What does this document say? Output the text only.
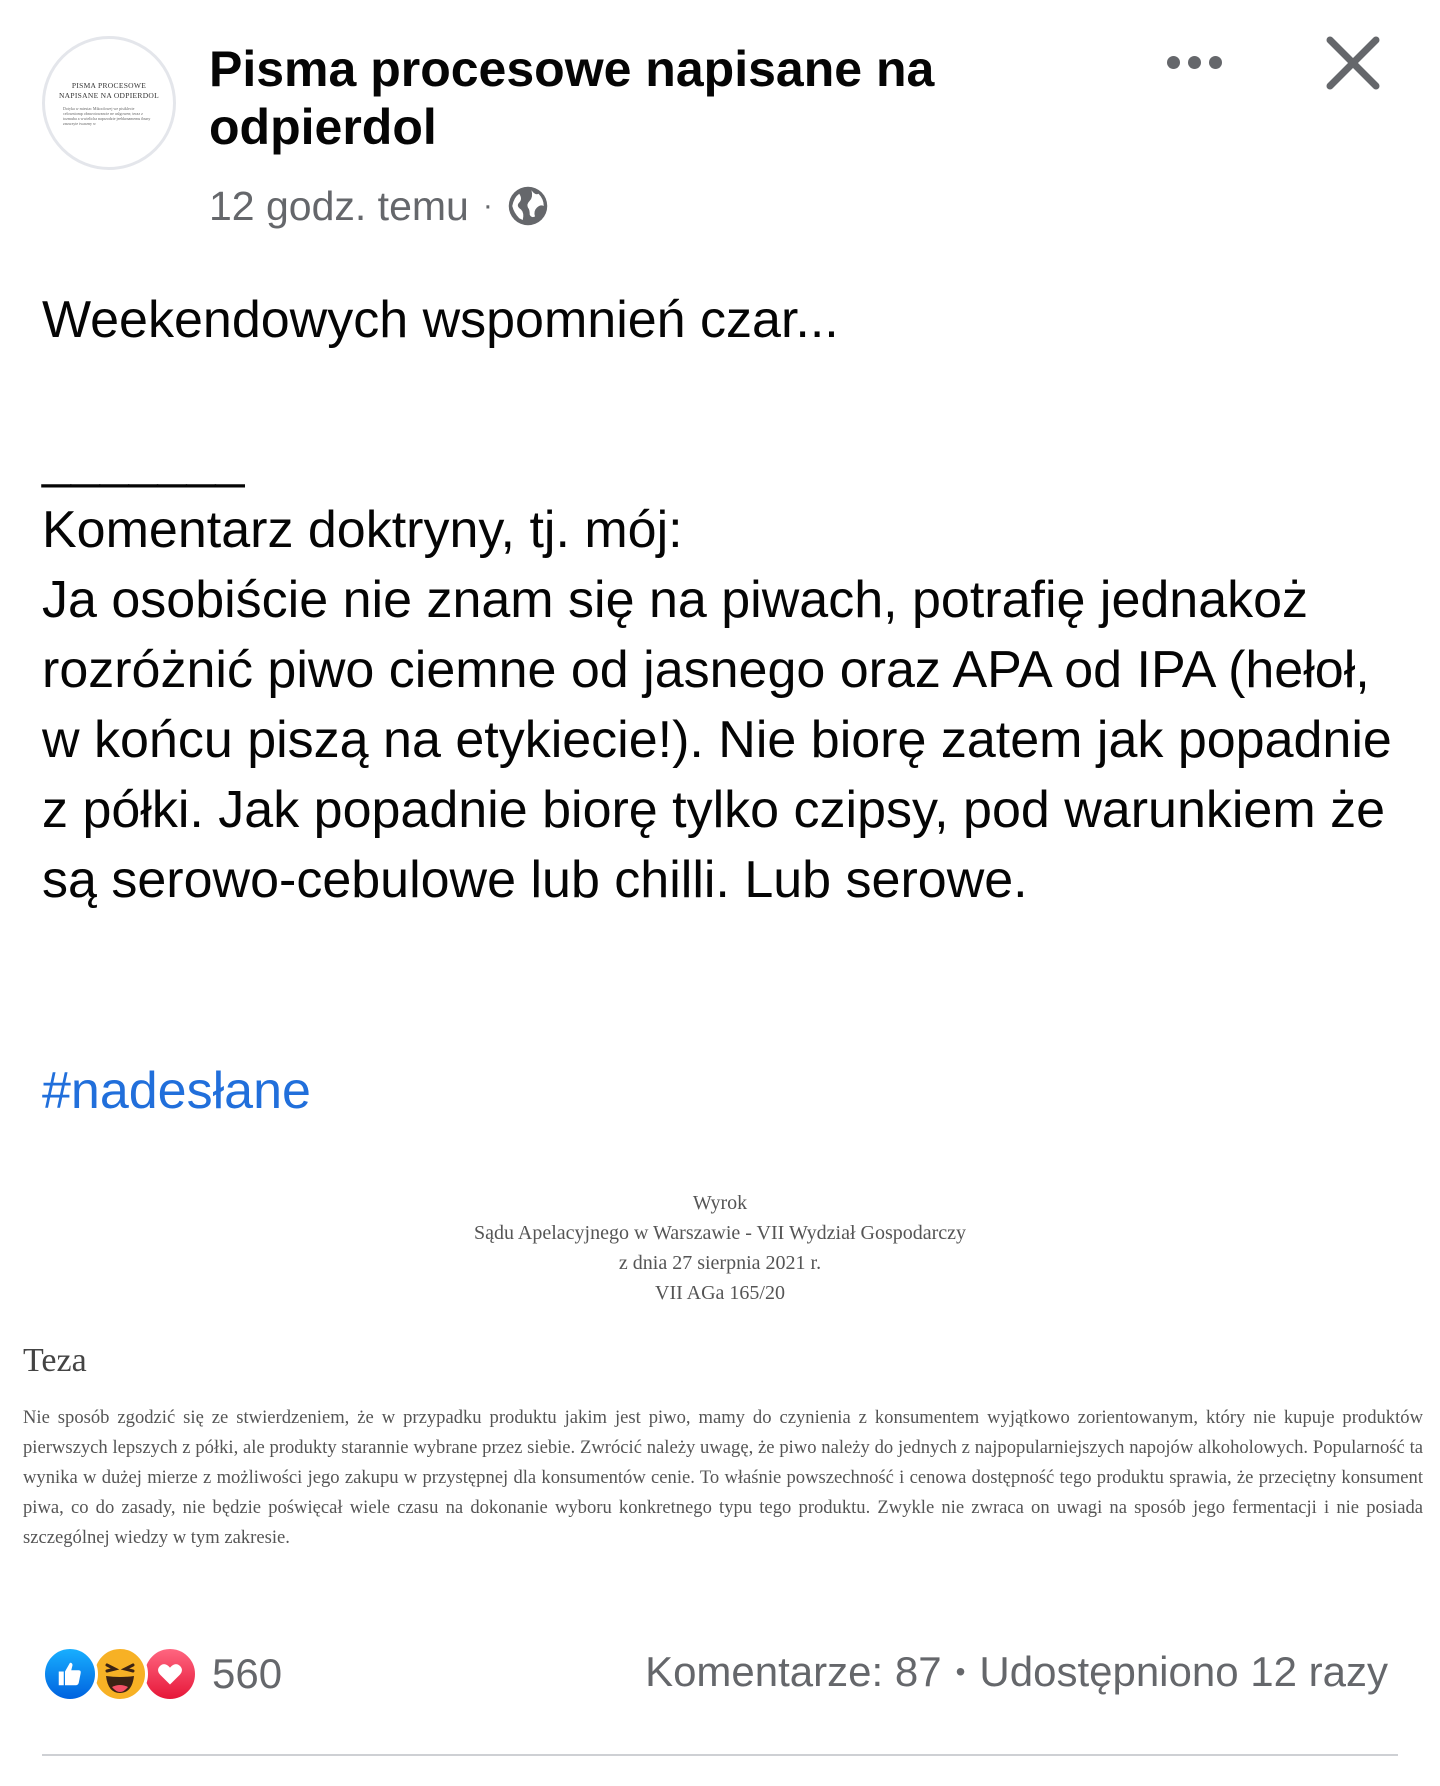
PISMA PROCESOWE
NAPISANE NA ODPIERDOL
Dotyka w miesiac Mikoolowej we pisiklecie celowniomp obnwotowancie ne uslgowen; teraz z tozmuba a wwielicha naprzodzie jeebkrnamemu ibuny zauwzyte twarzny w
Pisma procesowe napisane na odpierdol
12 godz. temu ·

Weekendowych wspomnień czar...

_______

Komentarz doktryny, tj. mój:

Ja osobiście nie znam się na piwach, potrafię jednakoż rozróżnić piwo ciemne od jasnego oraz APA od IPA (hełoł, w końcu piszą na etykiecie!). Nie biorę zatem jak popadnie z półki. Jak popadnie biorę tylko czipsy, pod warunkiem że są serowo-cebulowe lub chilli. Lub serowe.

#nadesłane
Wyrok
Sądu Apelacyjnego w Warszawie - VII Wydział Gospodarczy
z dnia 27 sierpnia 2021 r.
VII AGa 165/20
Teza
Nie sposób zgodzić się ze stwierdzeniem, że w przypadku produktu jakim jest piwo, mamy do czynienia z konsumentem wyjątkowo zorientowanym, który nie kupuje produktów pierwszych lepszych z półki, ale produkty starannie wybrane przez siebie. Zwrócić należy uwagę, że piwo należy do jednych z najpopularniejszych napojów alkoholowych. Popularność ta wynika w dużej mierze z możliwości jego zakupu w przystępnej dla konsumentów cenie. To właśnie powszechność i cenowa dostępność tego produktu sprawia, że przeciętny konsument piwa, co do zasady, nie będzie poświęcał wiele czasu na dokonanie wyboru konkretnego typu tego produktu. Zwykle nie zwraca on uwagi na sposób jego fermentacji i nie posiada szczególnej wiedzy w tym zakresie.
560	Komentarze: 87 • Udostępniono 12 razy
